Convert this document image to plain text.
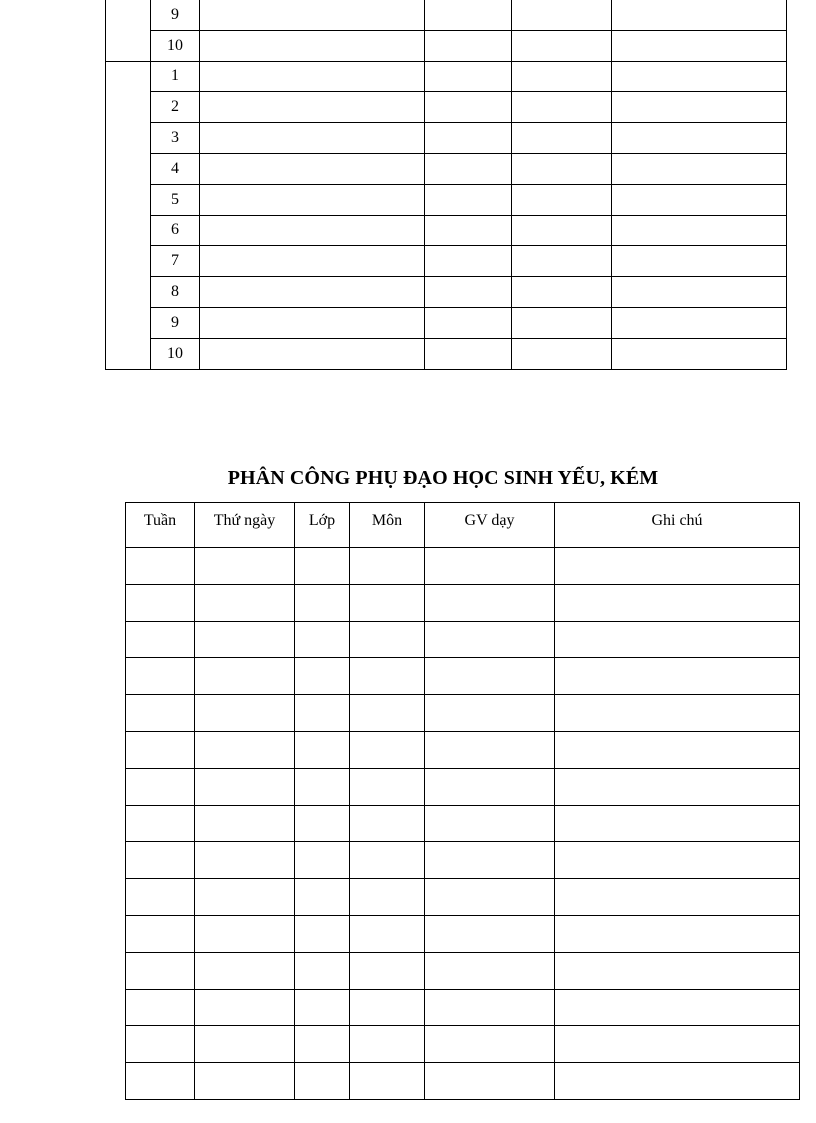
	9				
	10				
	1				
	2				
	3				
	4				
	5				
	6				
	7				
	8				
	9				
	10				
PHÂN CÔNG PHỤ ĐẠO HỌC SINH YẾU, KÉM
Tuần	Thứ ngày	Lớp	Môn	GV dạy	Ghi chú
